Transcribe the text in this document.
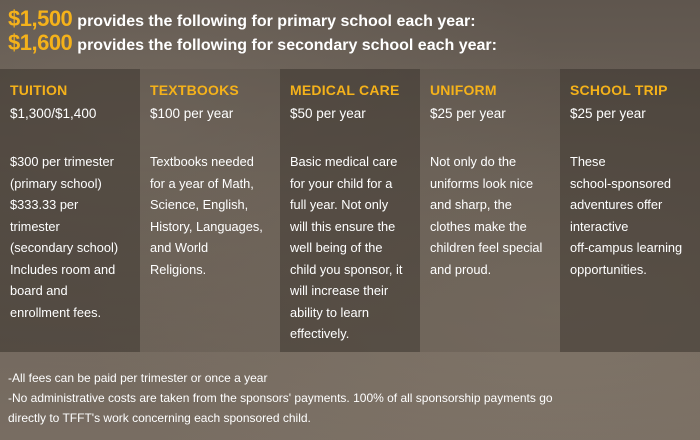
$1,500 provides the following for primary school each year:
$1,600 provides the following for secondary school each year:
TUITION
$1,300/$1,400
$300 per trimester
(primary school)
$333.33 per
trimester
(secondary school)
Includes room and
board and
enrollment fees.
TEXTBOOKS
$100 per year
Textbooks needed
for a year of Math,
Science, English,
History, Languages,
and World
Religions.
MEDICAL CARE
$50 per year
Basic medical care
for your child for a
full year. Not only
will this ensure the
well being of the
child you sponsor, it
will increase their
ability to learn
effectively.
UNIFORM
$25 per year
Not only do the
uniforms look nice
and sharp, the
clothes make the
children feel special
and proud.
SCHOOL TRIP
$25 per year
These
school-sponsored
adventures offer
interactive
off-campus learning
opportunities.
-All fees can be paid per trimester or once a year
-No administrative costs are taken from the sponsors' payments. 100% of all sponsorship payments go
directly to TFFT's work concerning each sponsored child.
